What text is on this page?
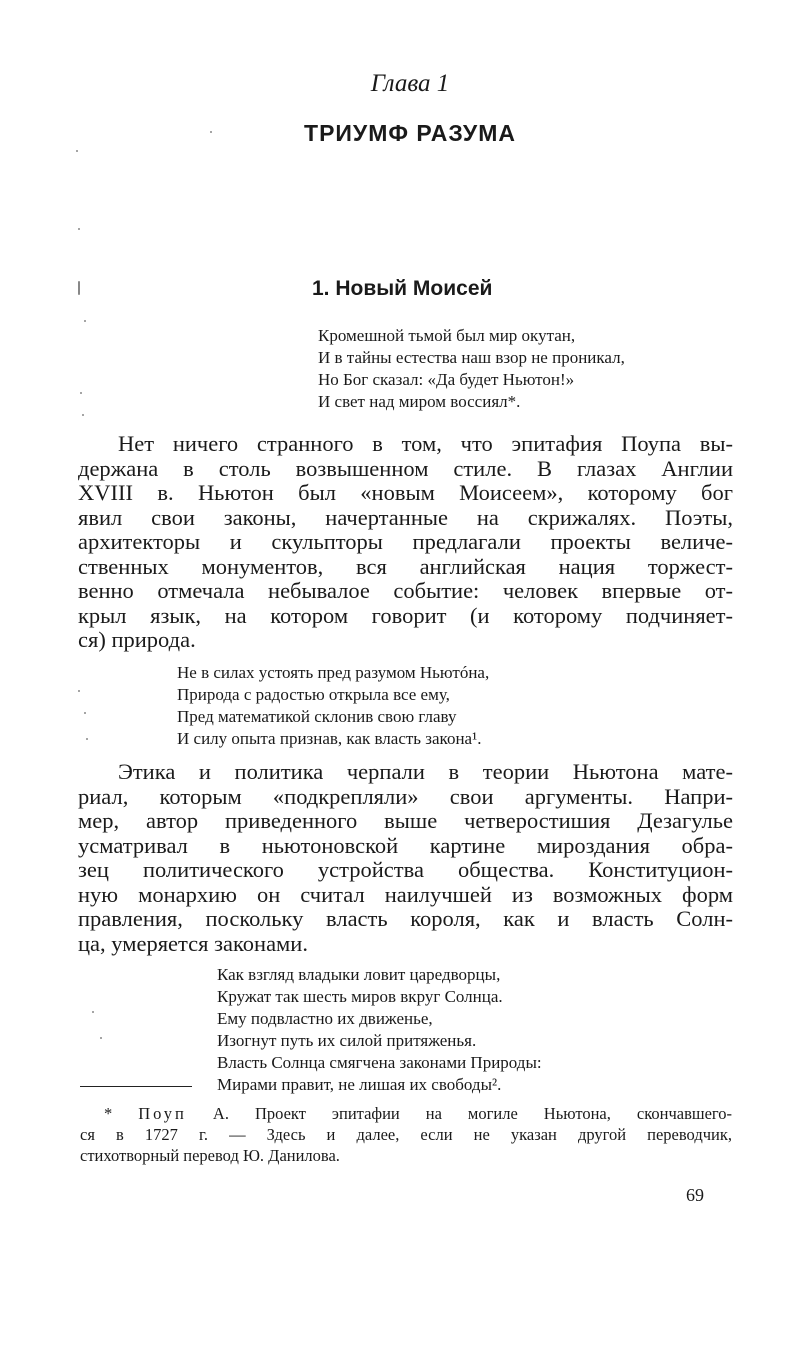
Глава 1
ТРИУМФ РАЗУМА
1. Новый Моисей
Кромешной тьмой был мир окутан,
И в тайны естества наш взор не проникал,
Но Бог сказал: «Да будет Ньютон!»
И свет над миром воссиял*.
Нет ничего странного в том, что эпитафия Поупа вы-
держана в столь возвышенном стиле. В глазах Англии
XVIII в. Ньютон был «новым Моисеем», которому бог
явил свои законы, начертанные на скрижалях. Поэты,
архитекторы и скульпторы предлагали проекты величе-
ственных монументов, вся английская нация торжест-
венно отмечала небывалое событие: человек впервые от-
крыл язык, на котором говорит (и которому подчиняет-
ся) природа.
Не в силах устоять пред разумом Ньютóна,
Природа с радостью открыла все ему,
Пред математикой склонив свою главу
И силу опыта признав, как власть закона¹.
Этика и политика черпали в теории Ньютона мате-
риал, которым «подкрепляли» свои аргументы. Напри-
мер, автор приведенного выше четверостишия Дезагулье
усматривал в ньютоновской картине мироздания обра-
зец политического устройства общества. Конституцион-
ную монархию он считал наилучшей из возможных форм
правления, поскольку власть короля, как и власть Солн-
ца, умеряется законами.
Как взгляд владыки ловит царедворцы,
Кружат так шесть миров вкруг Солнца.
Ему подвластно их движенье,
Изогнут путь их силой притяженья.
Власть Солнца смягчена законами Природы:
Мирами правит, не лишая их свободы².
* Поуп А. Проект эпитафии на могиле Ньютона, скончавшего-
ся в 1727 г. — Здесь и далее, если не указан другой переводчик,
стихотворный перевод Ю. Данилова.
69
